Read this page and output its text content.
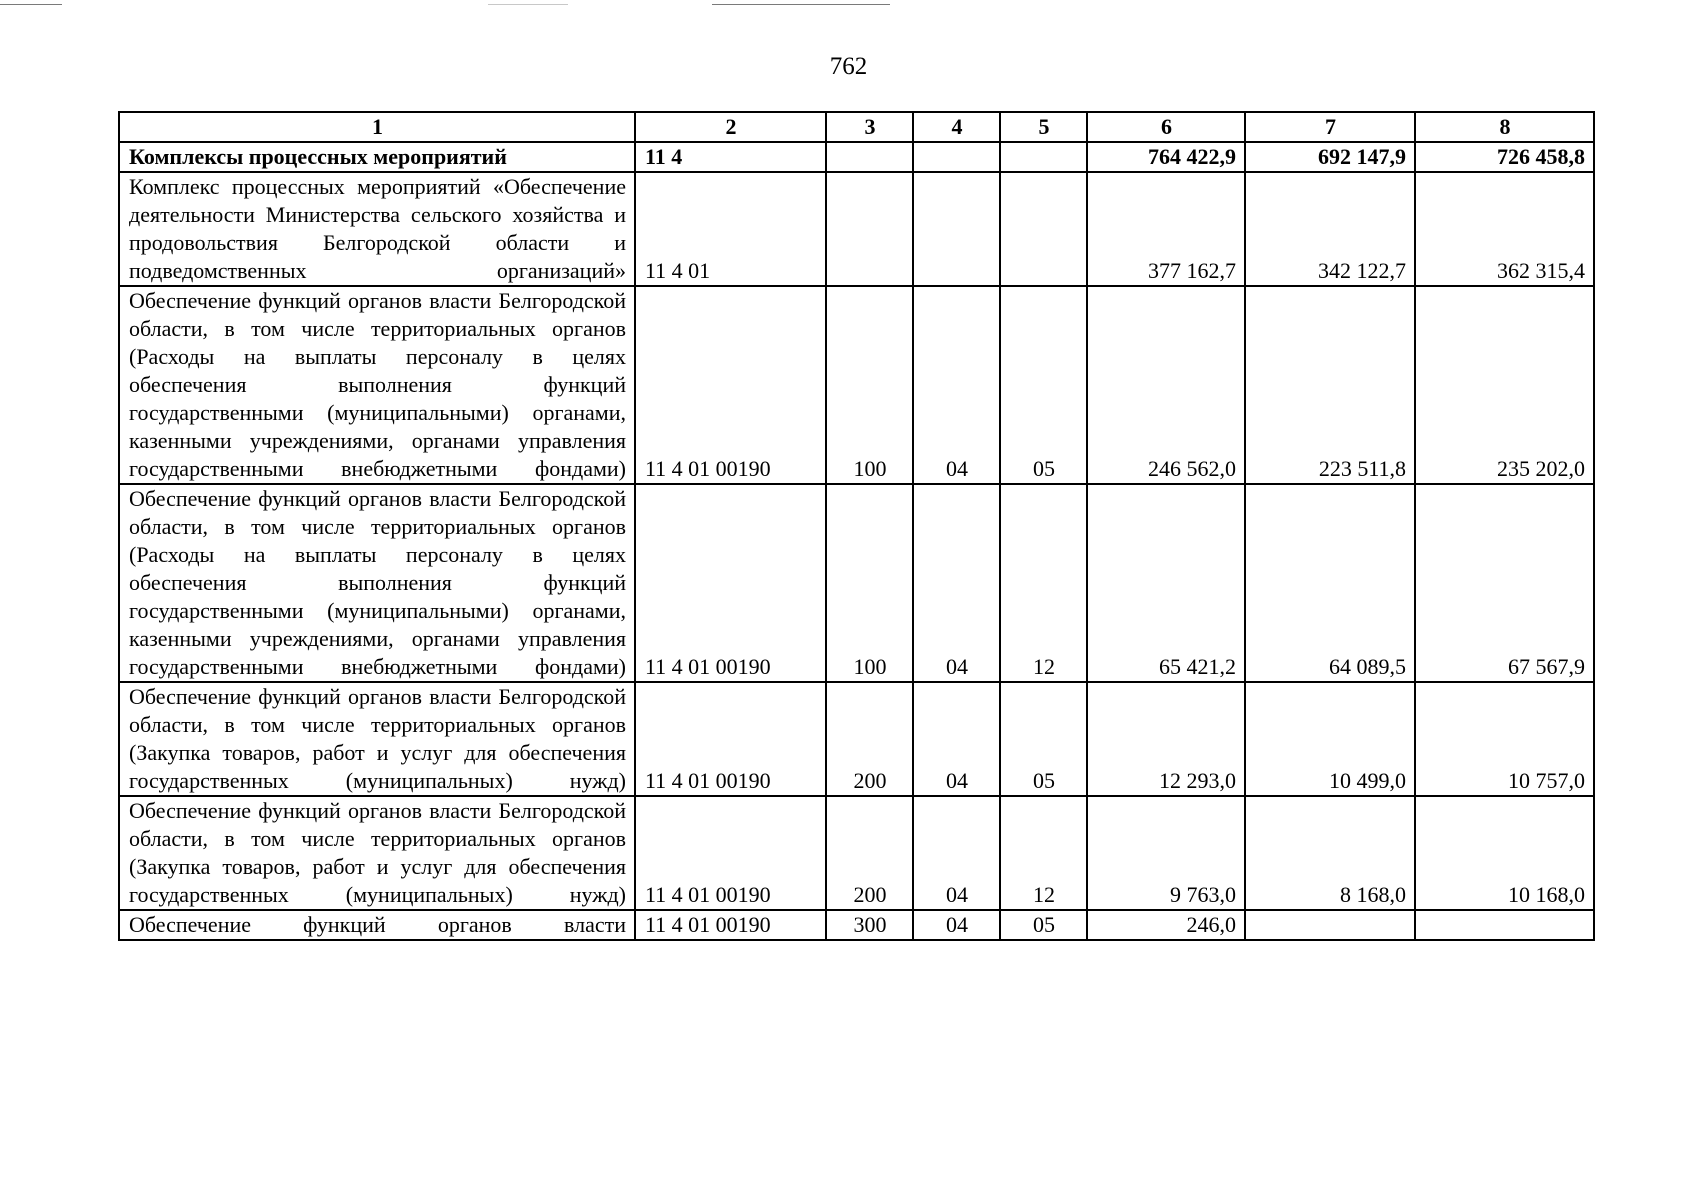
762
1	2	3	4	5	6	7	8
Комплексы процессных мероприятий	11 4				764 422,9	692 147,9	726 458,8
Комплекс процессных мероприятий «Обеспечение деятельности Министерства сельского хозяйства и продовольствия Белгородской области и подведомственных организаций»	11 4 01				377 162,7	342 122,7	362 315,4
Обеспечение функций органов власти Белгородской области, в том числе территориальных органов (Расходы на выплаты персоналу в целях обеспечения выполнения функций государственными (муниципальными) органами, казенными учреждениями, органами управления государственными внебюджетными фондами)	11 4 01 00190	100	04	05	246 562,0	223 511,8	235 202,0
Обеспечение функций органов власти Белгородской области, в том числе территориальных органов (Расходы на выплаты персоналу в целях обеспечения выполнения функций государственными (муниципальными) органами, казенными учреждениями, органами управления государственными внебюджетными фондами)	11 4 01 00190	100	04	12	65 421,2	64 089,5	67 567,9
Обеспечение функций органов власти Белгородской области, в том числе территориальных органов (Закупка товаров, работ и услуг для обеспечения государственных (муниципальных) нужд)	11 4 01 00190	200	04	05	12 293,0	10 499,0	10 757,0
Обеспечение функций органов власти Белгородской области, в том числе территориальных органов (Закупка товаров, работ и услуг для обеспечения государственных (муниципальных) нужд)	11 4 01 00190	200	04	12	9 763,0	8 168,0	10 168,0
Обеспечение функций органов власти	11 4 01 00190	300	04	05	246,0		
